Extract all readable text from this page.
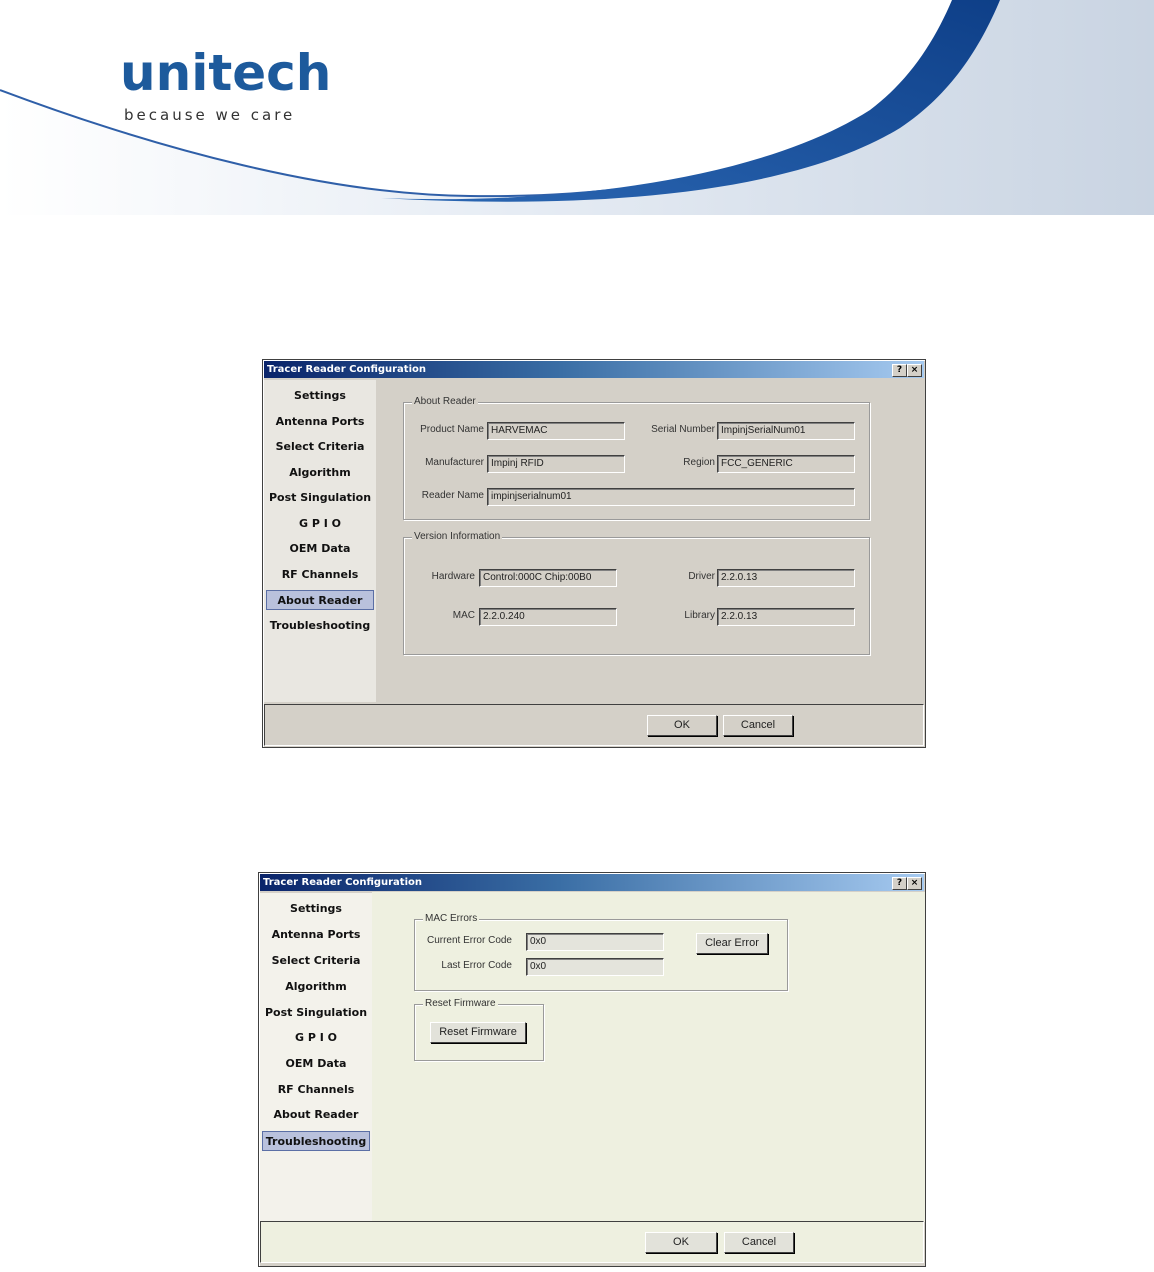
unitech
because we care
Tracer Reader Configuration	? ×
Settings
Antenna Ports
Select Criteria
Algorithm
Post Singulation
G P I O
OEM Data
RF Channels
About Reader
Troubleshooting
About Reader
Product Name HARVEMAC	Serial Number ImpinjSerialNum01
Manufacturer Impinj RFID	Region FCC_GENERIC
Reader Name impinjserialnum01
Version Information
Hardware Control:000C Chip:00B0	Driver 2.2.0.13
MAC 2.2.0.240	Library 2.2.0.13
OK	Cancel
Tracer Reader Configuration	? ×
Settings
Antenna Ports
Select Criteria
Algorithm
Post Singulation
G P I O
OEM Data
RF Channels
About Reader
Troubleshooting
MAC Errors
Current Error Code	0x0
Last Error Code	0x0
Clear Error
Reset Firmware
Reset Firmware
OK	Cancel
